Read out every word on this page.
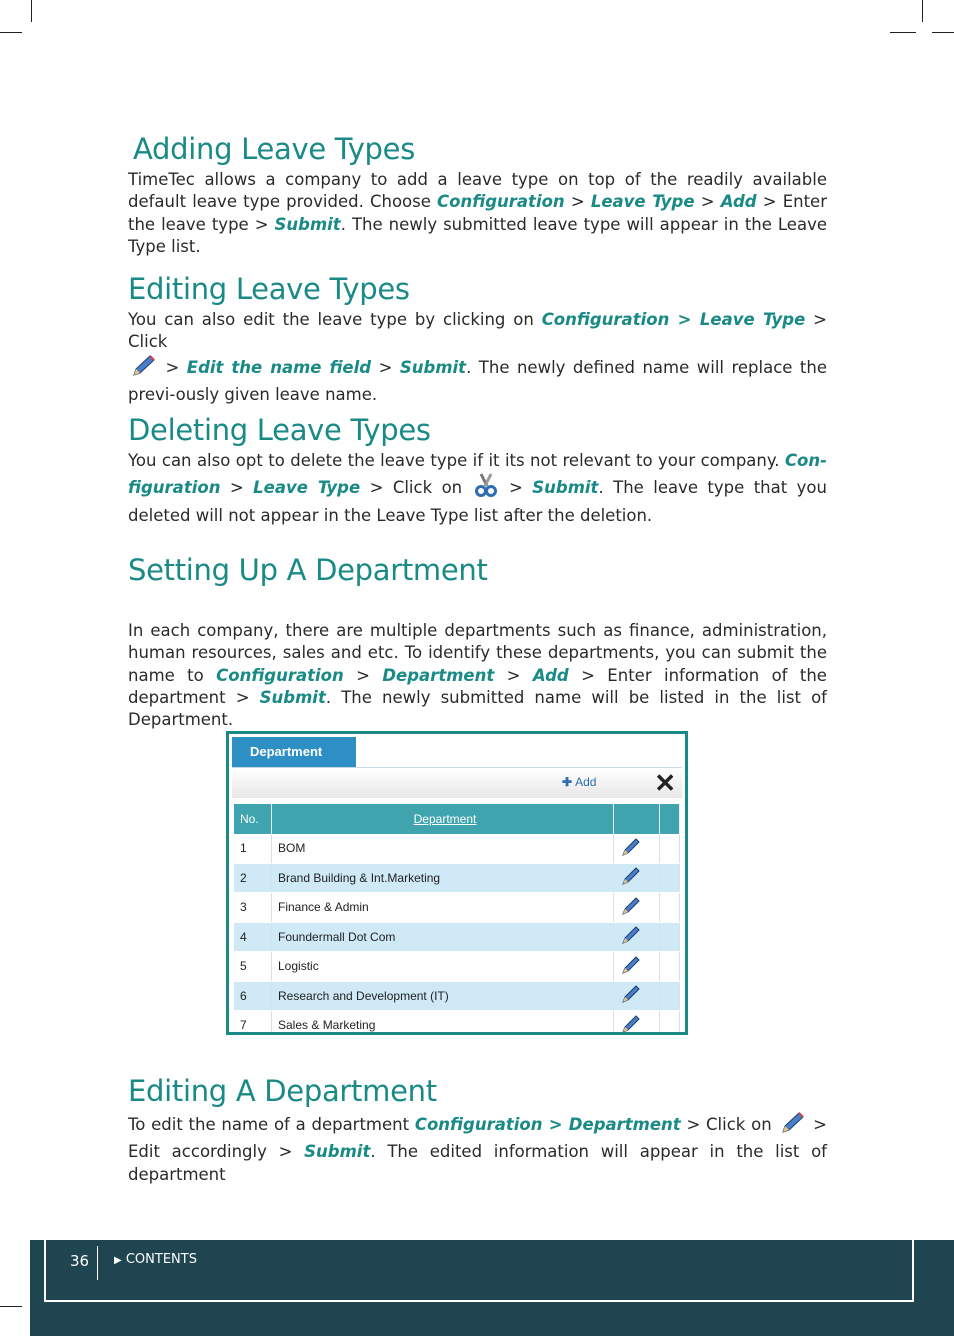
Adding Leave Types

TimeTec allows a company to add a leave type on top of the readily available default leave type provided. Choose Configuration > Leave Type > Add > Enter the leave type > Submit. The newly submitted leave type will appear in the Leave Type list.

Editing Leave Types

You can also edit the leave type by clicking on Configuration > Leave Type > Click
> Edit the name field > Submit. The newly defined name will replace the previ-ously given leave name.

Deleting Leave Types

You can also opt to delete the leave type if it its not relevant to your company. Con-figuration > Leave Type > Click on  > Submit. The leave type that you deleted will not appear in the Leave Type list after the deletion.

Setting Up A Department

In each company, there are multiple departments such as finance, administration, human resources, sales and etc. To identify these departments, you can submit the name to Configuration > Department > Add > Enter information of the department > Submit. The newly submitted name will be listed in the list of Department.

Department
✚ Add ✕
No.	Department		
1	BOM		
2	Brand Building & Int.Marketing		
3	Finance & Admin		
4	Foundermall Dot Com		
5	Logistic		
6	Research and Development (IT)		
7	Sales & Marketing		
Editing A Department

To edit the name of a department Configuration > Department > Click on  > Edit accordingly > Submit. The edited information will appear in the list of department

36 ▶ CONTENTS
